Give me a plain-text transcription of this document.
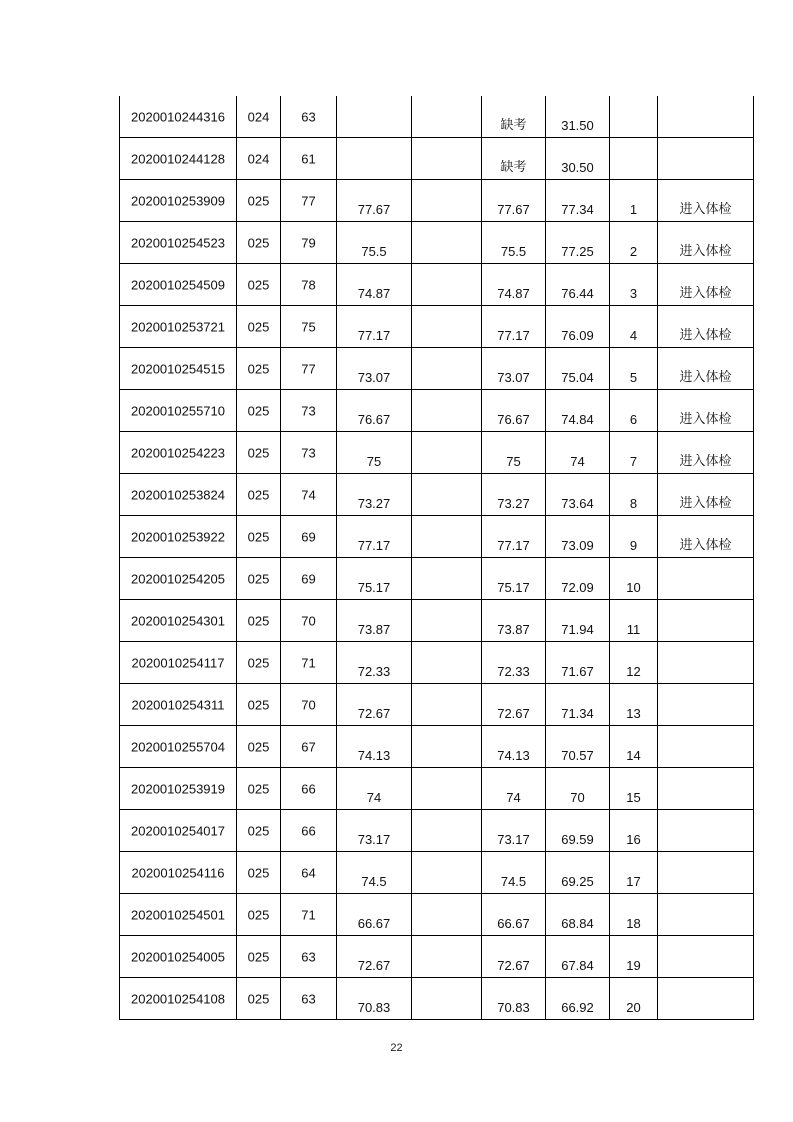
2020010244316	024	63			缺考	31.50		

2020010244128	024	61			缺考	30.50		

2020010253909	025	77	77.67		77.67	77.34	1	进入体检

2020010254523	025	79	75.5		75.5	77.25	2	进入体检

2020010254509	025	78	74.87		74.87	76.44	3	进入体检

2020010253721	025	75	77.17		77.17	76.09	4	进入体检

2020010254515	025	77	73.07		73.07	75.04	5	进入体检

2020010255710	025	73	76.67		76.67	74.84	6	进入体检

2020010254223	025	73	75		75	74	7	进入体检

2020010253824	025	74	73.27		73.27	73.64	8	进入体检

2020010253922	025	69	77.17		77.17	73.09	9	进入体检

2020010254205	025	69	75.17		75.17	72.09	10	

2020010254301	025	70	73.87		73.87	71.94	11	

2020010254117	025	71	72.33		72.33	71.67	12	

2020010254311	025	70	72.67		72.67	71.34	13	

2020010255704	025	67	74.13		74.13	70.57	14	

2020010253919	025	66	74		74	70	15	

2020010254017	025	66	73.17		73.17	69.59	16	

2020010254116	025	64	74.5		74.5	69.25	17	

2020010254501	025	71	66.67		66.67	68.84	18	

2020010254005	025	63	72.67		72.67	67.84	19	

2020010254108	025	63	70.83		70.83	66.92	20	

22
